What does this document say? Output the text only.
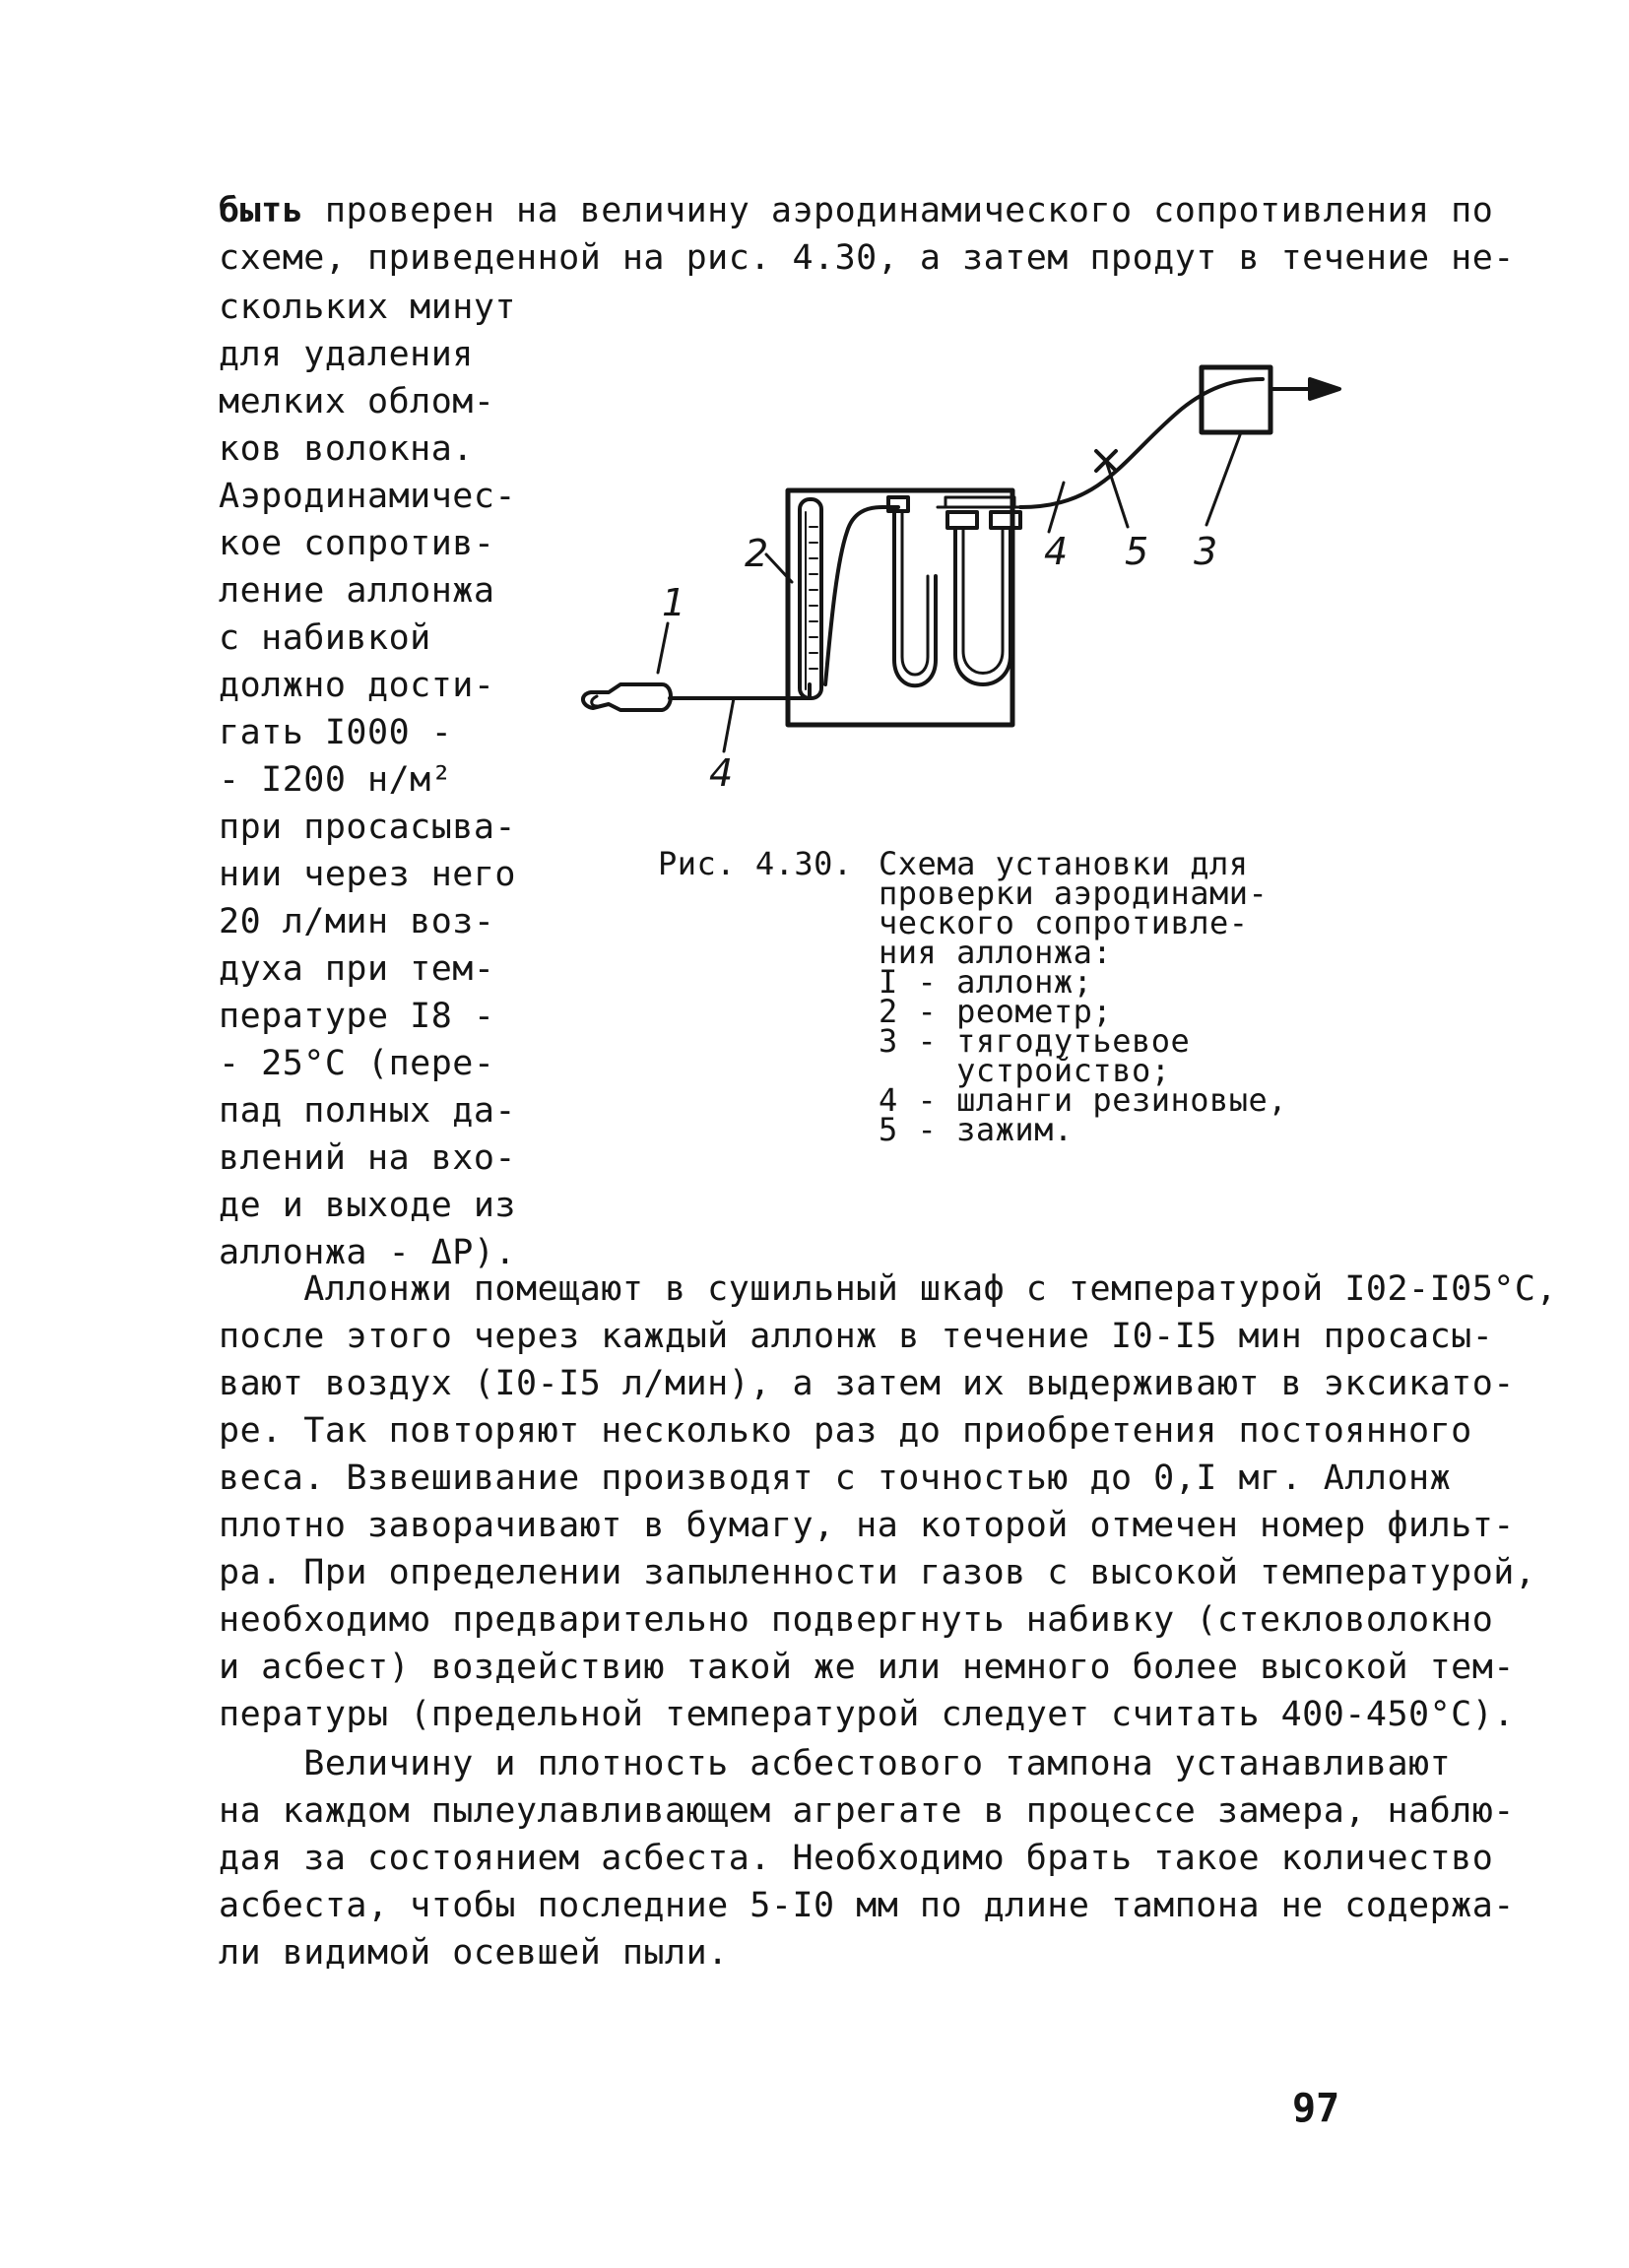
быть проверен на величину аэродинамического сопротивления по
схеме, приведенной на рис. 4.30, а затем продут в течение не-
скольких минут
для удаления
мелких облом-
ков волокна.
Аэродинамичес-
кое сопротив-
ление аллонжа
с набивкой
должно дости-
гать I000 -
- I200 н/м²
при просасыва-
нии через него
20 л/мин воз-
духа при тем-
пературе I8 -
- 25°C (пере-
пад полных да-
влений на вхо-
де и выходе из
аллонжа - ΔP).
1
2
4
4 5 3
Рис. 4.30. Схема установки для
проверки аэродинами-
ческого сопротивле-
ния аллонжа:
I - аллонж;
2 - реометр;
3 - тягодутьевое
устройство;
4 - шланги резиновые,
5 - зажим.
Аллонжи помещают в сушильный шкаф с температурой I02-I05°C,
после этого через каждый аллонж в течение I0-I5 мин просасы-
вают воздух (I0-I5 л/мин), а затем их выдерживают в эксикато-
ре. Так повторяют несколько раз до приобретения постоянного
веса. Взвешивание производят с точностью до 0,I мг. Аллонж
плотно заворачивают в бумагу, на которой отмечен номер фильт-
ра. При определении запыленности газов с высокой температурой,
необходимо предварительно подвергнуть набивку (стекловолокно
и асбест) воздействию такой же или немного более высокой тем-
пературы (предельной температурой следует считать 400-450°C).
Величину и плотность асбестового тампона устанавливают
на каждом пылеулавливающем агрегате в процессе замера, наблю-
дая за состоянием асбеста. Необходимо брать такое количество
асбеста, чтобы последние 5-I0 мм по длине тампона не содержа-
ли видимой осевшей пыли.
97
